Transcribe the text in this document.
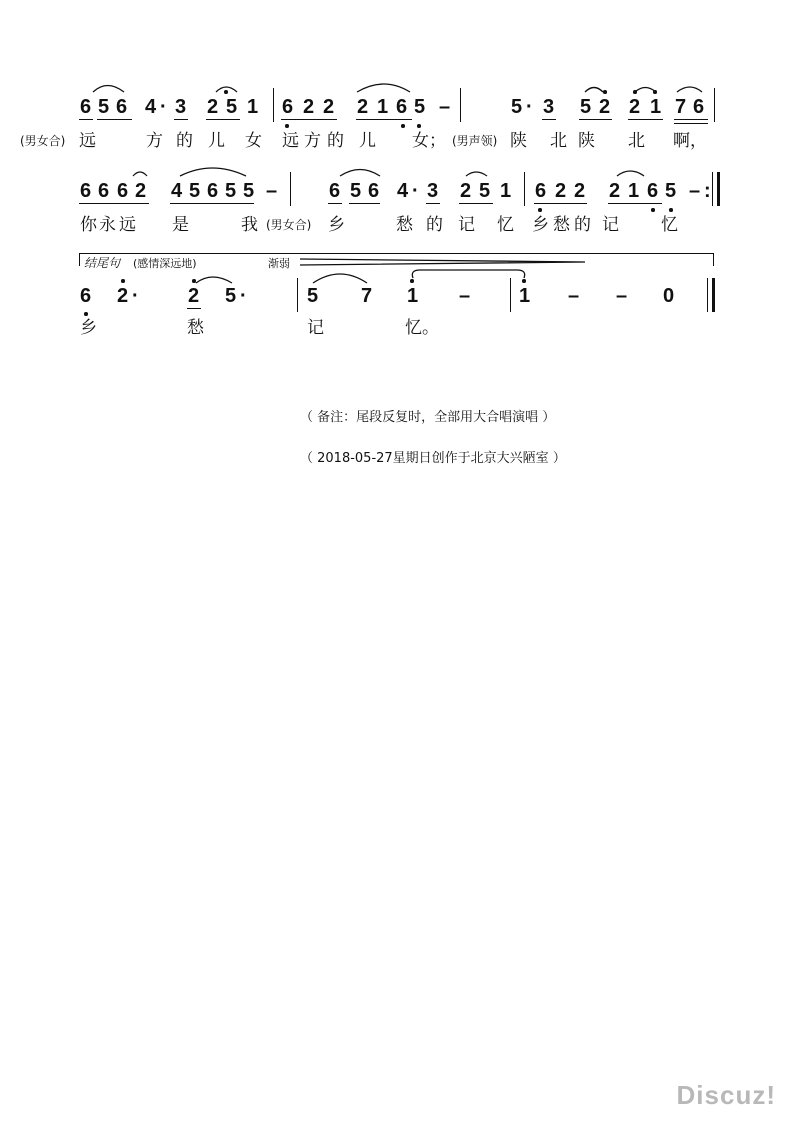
6 5 6 4 · 3 2 5 1 6 2 2 2 1 6 5 –	5 · 3 5 2 2 1 7 6
(男女合) 远	方 的 儿 女 远 方 的 儿 女； (男声领) 陕 北 陕 北 啊，
6 6 6 2 4 5 6 5 5 –	6 5 6 4 · 3 2 5 1 6 2 2 2 1 6 5 – :
你 永 远 是	我 (男女合) 乡	愁 的 记 忆 乡 愁 的 记 忆
结尾句 (感情深远地)	渐弱
6 2 · 2 5 ·	5 7 1 – 1 – – 0
乡	愁	记	忆。
（ 备注：尾段反复时，全部用大合唱演唱 ）
（ 2018-05-27星期日创作于北京大兴陋室 ）
Discuz!
